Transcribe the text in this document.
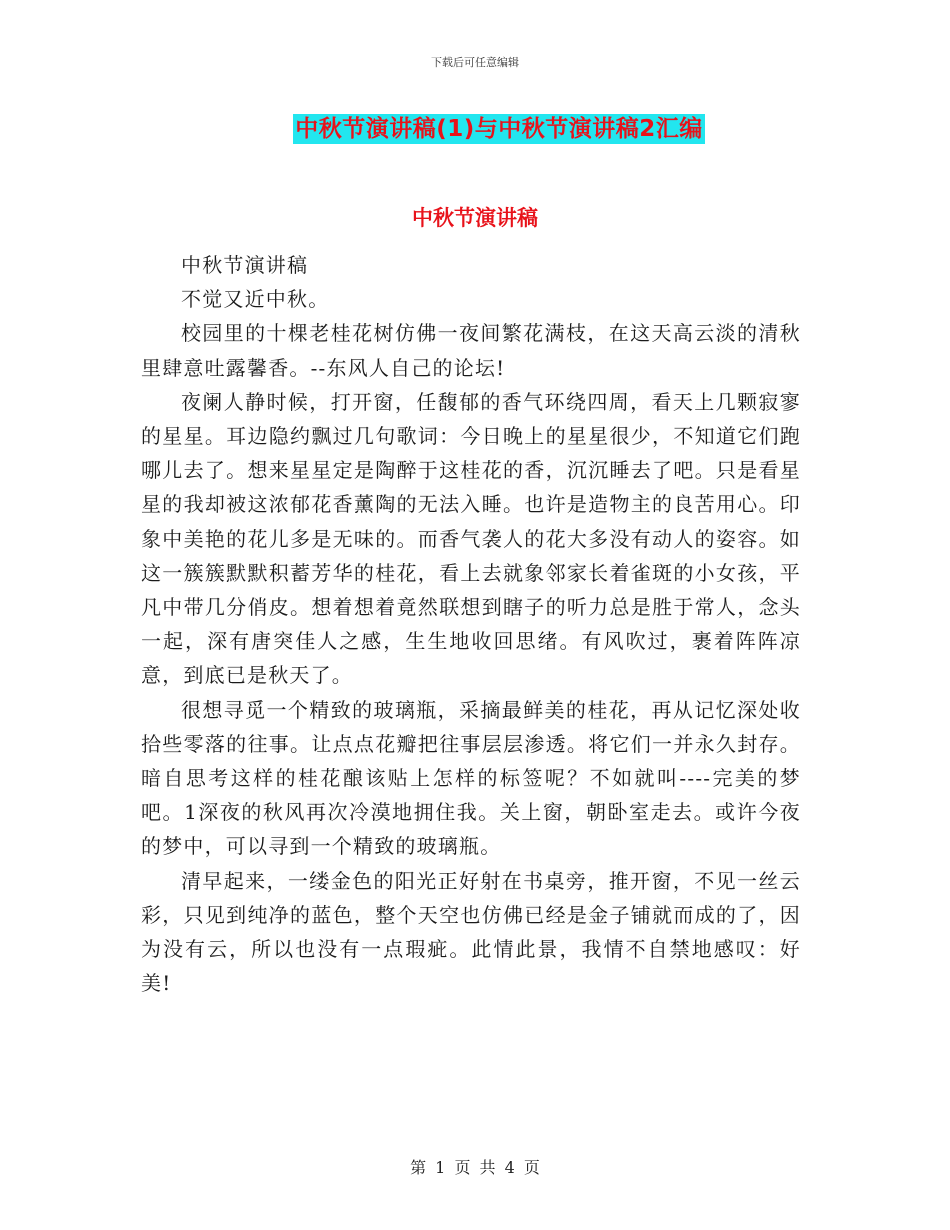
下载后可任意编辑
中秋节演讲稿(1)与中秋节演讲稿2汇编
中秋节演讲稿

中秋节演讲稿

不觉又近中秋。

校园里的十棵老桂花树仿佛一夜间繁花满枝，在这天高云淡的清秋里肆意吐露馨香。--东风人自己的论坛!

夜阑人静时候，打开窗，任馥郁的香气环绕四周，看天上几颗寂寥的星星。耳边隐约飘过几句歌词：今日晚上的星星很少，不知道它们跑哪儿去了。想来星星定是陶醉于这桂花的香，沉沉睡去了吧。只是看星星的我却被这浓郁花香薰陶的无法入睡。也许是造物主的良苦用心。印象中美艳的花儿多是无味的。而香气袭人的花大多没有动人的姿容。如这一簇簇默默积蓄芳华的桂花，看上去就象邻家长着雀斑的小女孩，平凡中带几分俏皮。想着想着竟然联想到瞎子的听力总是胜于常人，念头一起，深有唐突佳人之感，生生地收回思绪。有风吹过，裹着阵阵凉意，到底已是秋天了。

很想寻觅一个精致的玻璃瓶，采摘最鲜美的桂花，再从记忆深处收拾些零落的往事。让点点花瓣把往事层层渗透。将它们一并永久封存。暗自思考这样的桂花酿该贴上怎样的标签呢？不如就叫----完美的梦吧。1深夜的秋风再次冷漠地拥住我。关上窗，朝卧室走去。或许今夜的梦中，可以寻到一个精致的玻璃瓶。

清早起来，一缕金色的阳光正好射在书桌旁，推开窗，不见一丝云彩，只见到纯净的蓝色，整个天空也仿佛已经是金子铺就而成的了，因为没有云，所以也没有一点瑕疵。此情此景，我情不自禁地感叹：好美!

第 1 页 共 4 页
